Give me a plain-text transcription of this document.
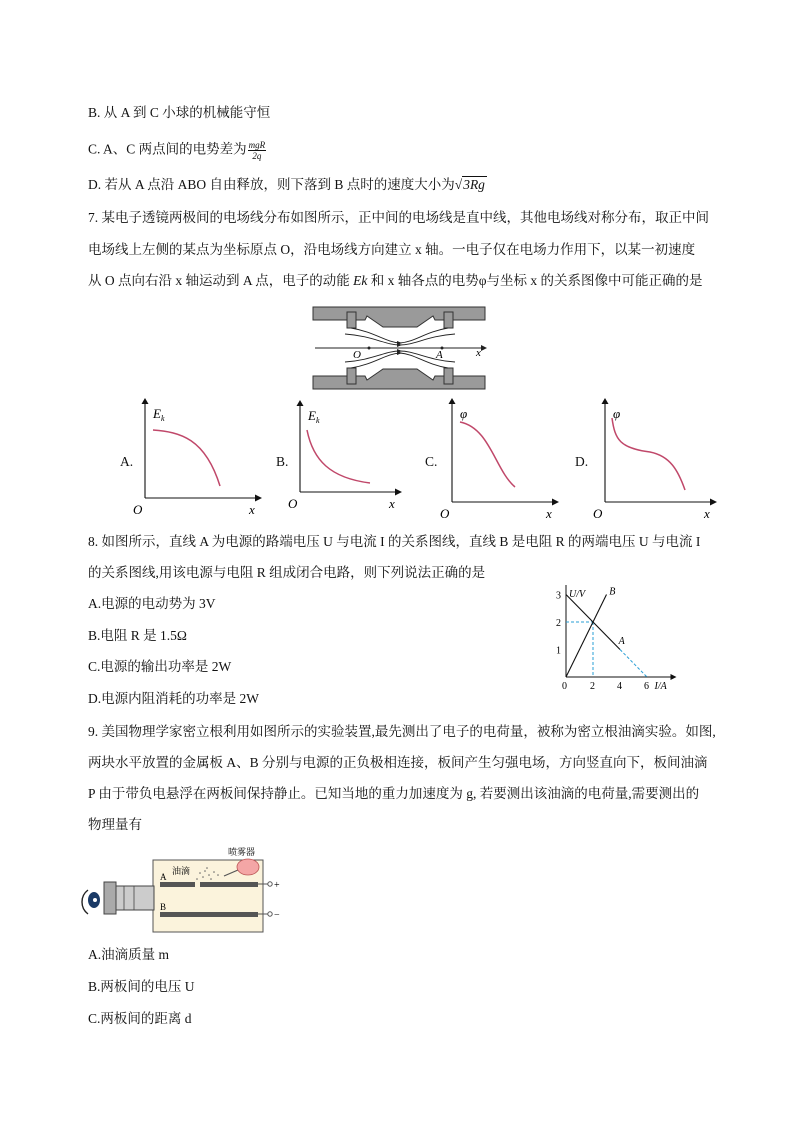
B. 从 A 到 C 小球的机械能守恒
C. A、C 两点间的电势差为 $\frac{\text{mgR}}{2q}$
D. 若从 A 点沿 ABO 自由释放，则下落到 B 点时的速度大小为√3Rg
7. 某电子透镜两极间的电场线分布如图所示，正中间的电场线是直中线，其他电场线对称分布，取正中间
电场线上左侧的某点为坐标原点 O，沿电场线方向建立 x 轴。一电子仅在电场力作用下，以某一初速度
从 O 点向右沿 x 轴运动到 A 点，电子的动能 Ek 和 x 轴各点的电势φ与坐标 x 的关系图像中可能正确的是
O	A	x
A.
$E_k$
O	x
B.
$E_k$
O	x
C.
φ
O	x
D.
φ
O	x
8. 如图所示，直线 A 为电源的路端电压 U 与电流 I 的关系图线，直线 B 是电阻 R 的两端电压 U 与电流 I
的关系图线,用该电源与电阻 R 组成闭合电路，则下列说法正确的是
A.电源的电动势为 3V
B.电阻 R 是 1.5Ω
C.电源的输出功率是 2W
D.电源内阻消耗的功率是 2W
0 2 4 6
1
2
3 U/V
I/A
A
B
9. 美国物理学家密立根利用如图所示的实验装置,最先测出了电子的电荷量，被称为密立根油滴实验。如图,
两块水平放置的金属板 A、B 分别与电源的正负极相连接，板间产生匀强电场，方向竖直向下，板间油滴
P 由于带负电悬浮在两板间保持静止。已知当地的重力加速度为 g, 若要测出该油滴的电荷量,需要测出的
物理量有
+
−
A
B
油滴
喷雾器
A.油滴质量 m
B.两板间的电压 U
C.两板间的距离 d
